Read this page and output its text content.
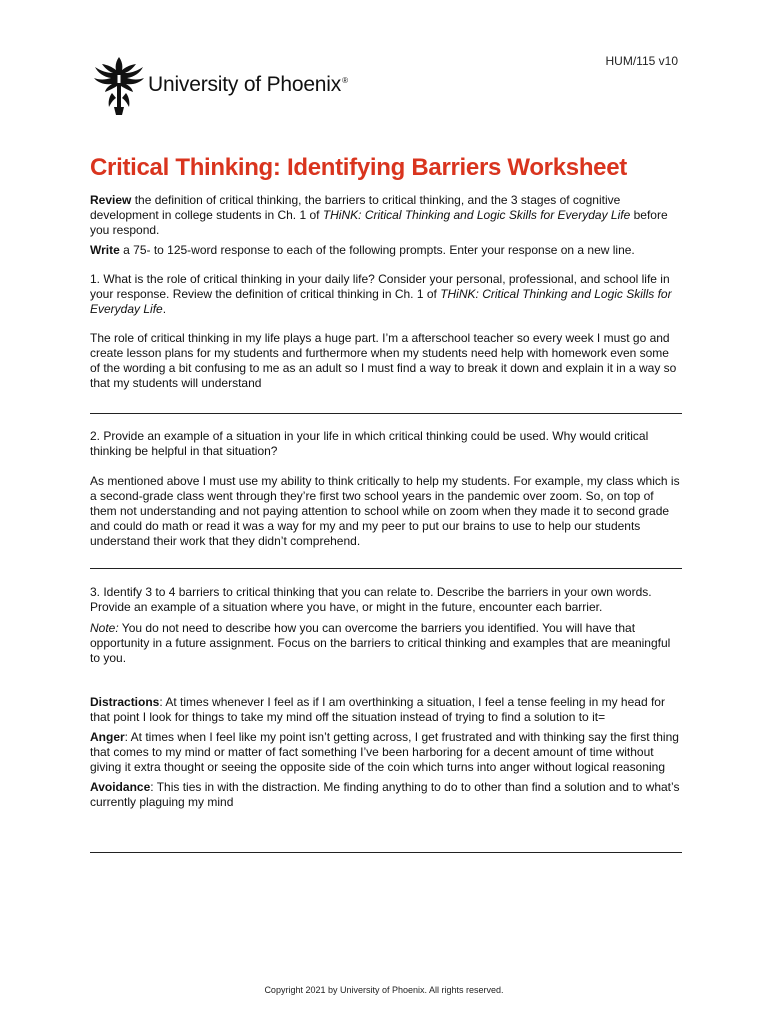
HUM/115 v10
University of Phoenix®
Critical Thinking: Identifying Barriers Worksheet

Review the definition of critical thinking, the barriers to critical thinking, and the 3 stages of cognitive development in college students in Ch. 1 of THiNK: Critical Thinking and Logic Skills for Everyday Life before you respond.

Write a 75- to 125-word response to each of the following prompts. Enter your response on a new line.

1. What is the role of critical thinking in your daily life? Consider your personal, professional, and school life in your response. Review the definition of critical thinking in Ch. 1 of THiNK: Critical Thinking and Logic Skills for Everyday Life.

The role of critical thinking in my life plays a huge part. I’m a afterschool teacher so every week I must go and create lesson plans for my students and furthermore when my students need help with homework even some of the wording a bit confusing to me as an adult so I must find a way to break it down and explain it in a way so that my students will understand

2. Provide an example of a situation in your life in which critical thinking could be used. Why would critical thinking be helpful in that situation?

As mentioned above I must use my ability to think critically to help my students. For example, my class which is a second-grade class went through they’re first two school years in the pandemic over zoom. So, on top of them not understanding and not paying attention to school while on zoom when they made it to second grade and could do math or read it was a way for my and my peer to put our brains to use to help our students understand their work that they didn’t comprehend.

3. Identify 3 to 4 barriers to critical thinking that you can relate to. Describe the barriers in your own words. Provide an example of a situation where you have, or might in the future, encounter each barrier.

Note: You do not need to describe how you can overcome the barriers you identified. You will have that opportunity in a future assignment. Focus on the barriers to critical thinking and examples that are meaningful to you.

Distractions: At times whenever I feel as if I am overthinking a situation, I feel a tense feeling in my head for that point I look for things to take my mind off the situation instead of trying to find a solution to it=

Anger: At times when I feel like my point isn’t getting across, I get frustrated and with thinking say the first thing that comes to my mind or matter of fact something I’ve been harboring for a decent amount of time without giving it extra thought or seeing the opposite side of the coin which turns into anger without logical reasoning

Avoidance: This ties in with the distraction. Me finding anything to do to other than find a solution and to what’s currently plaguing my mind

Copyright 2021 by University of Phoenix. All rights reserved.
